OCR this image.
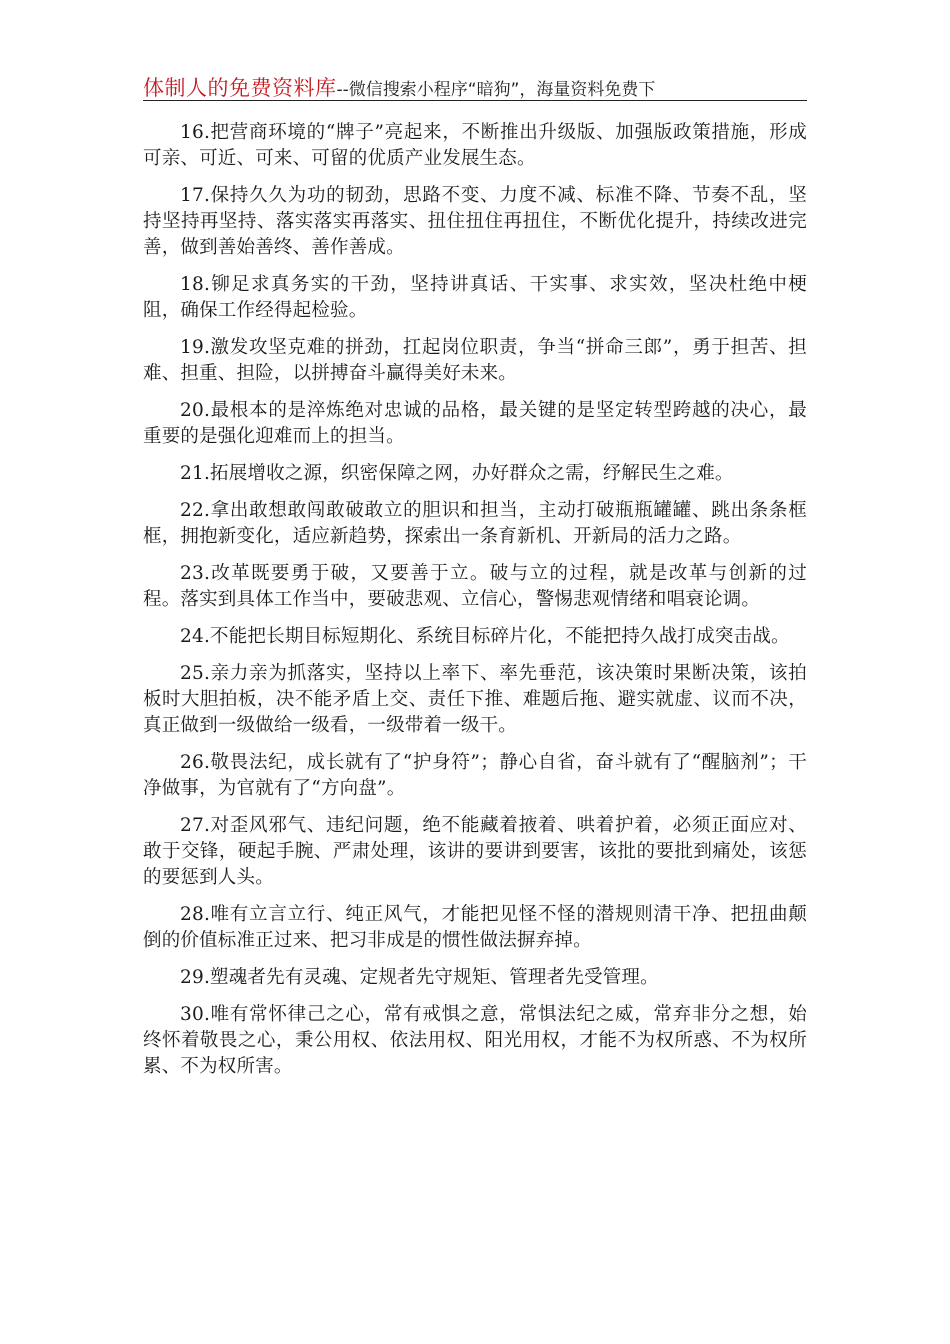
体制人的免费资料库--微信搜索小程序“暗狗”，海量资料免费下

16.把营商环境的“牌子”亮起来，不断推出升级版、加强版政策措施，形成可亲、可近、可来、可留的优质产业发展生态。

17.保持久久为功的韧劲，思路不变、力度不减、标准不降、节奏不乱，坚持坚持再坚持、落实落实再落实、扭住扭住再扭住，不断优化提升，持续改进完善，做到善始善终、善作善成。

18.铆足求真务实的干劲，坚持讲真话、干实事、求实效，坚决杜绝中梗阻，确保工作经得起检验。

19.激发攻坚克难的拼劲，扛起岗位职责，争当“拼命三郎”，勇于担苦、担难、担重、担险，以拼搏奋斗赢得美好未来。

20.最根本的是淬炼绝对忠诚的品格，最关键的是坚定转型跨越的决心，最重要的是强化迎难而上的担当。

21.拓展增收之源，织密保障之网，办好群众之需，纾解民生之难。

22.拿出敢想敢闯敢破敢立的胆识和担当，主动打破瓶瓶罐罐、跳出条条框框，拥抱新变化，适应新趋势，探索出一条育新机、开新局的活力之路。

23.改革既要勇于破，又要善于立。破与立的过程，就是改革与创新的过程。落实到具体工作当中，要破悲观、立信心，警惕悲观情绪和唱衰论调。

24.不能把长期目标短期化、系统目标碎片化，不能把持久战打成突击战。

25.亲力亲为抓落实，坚持以上率下、率先垂范，该决策时果断决策，该拍板时大胆拍板，决不能矛盾上交、责任下推、难题后拖、避实就虚、议而不决，真正做到一级做给一级看，一级带着一级干。

26.敬畏法纪，成长就有了“护身符”；静心自省，奋斗就有了“醒脑剂”；干净做事，为官就有了“方向盘”。

27.对歪风邪气、违纪问题，绝不能藏着掖着、哄着护着，必须正面应对、敢于交锋，硬起手腕、严肃处理，该讲的要讲到要害，该批的要批到痛处，该惩的要惩到人头。

28.唯有立言立行、纯正风气，才能把见怪不怪的潜规则清干净、把扭曲颠倒的价值标准正过来、把习非成是的惯性做法摒弃掉。

29.塑魂者先有灵魂、定规者先守规矩、管理者先受管理。

30.唯有常怀律己之心，常有戒惧之意，常惧法纪之威，常弃非分之想，始终怀着敬畏之心，秉公用权、依法用权、阳光用权，才能不为权所惑、不为权所累、不为权所害。
